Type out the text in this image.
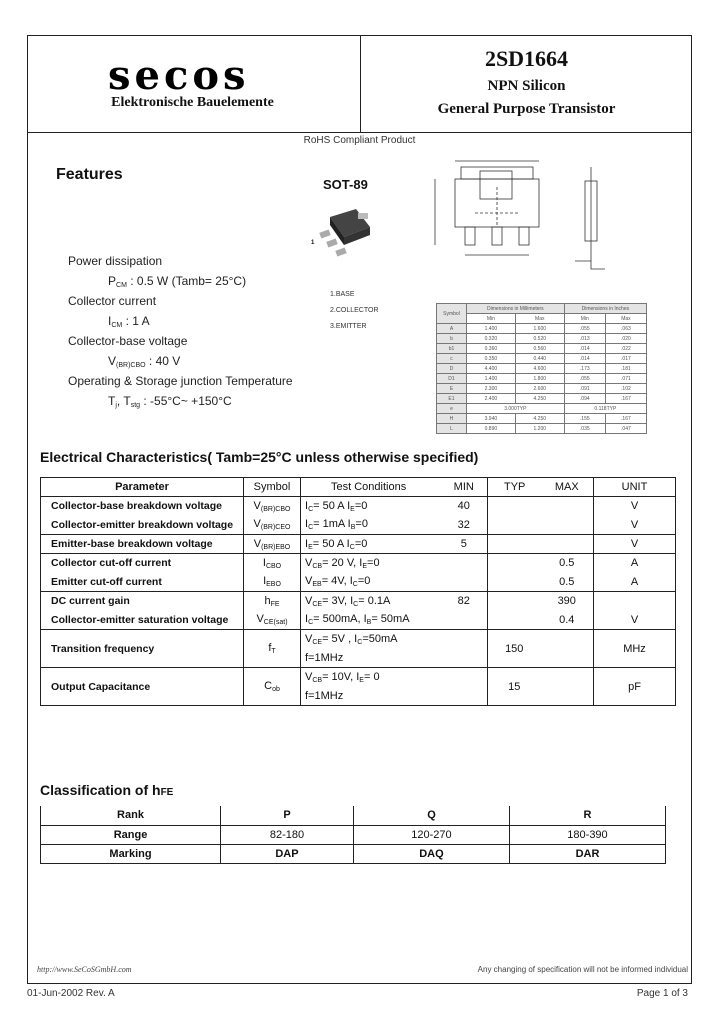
secos
Elektronische Bauelemente
2SD1664
NPN Silicon
General Purpose Transistor
RoHS Compliant Product
Features
SOT-89
1
Power dissipation
$P_{CM}$ : 0.5 W (Tamb= 25°C)
Collector current
$I_{CM}$ : 1 A
Collector-base voltage
$V_{(BR)CBO}$ : 40 V
Operating & Storage junction Temperature
$T_j$, $T_{stg}$ : -55°C~ +150°C
1.BASE
2.COLLECTOR
3.EMITTER
Symbol	Dimensions in Millimeters		Dimensions in Inches	
	Min	Max	Min	Max
A	1.400	1.600	.055	.063
b	0.320	0.520	.013	.020
b1	0.360	0.560	.014	.022
c	0.350	0.440	.014	.017
D	4.400	4.600	.173	.181
D1	1.400	1.800	.055	.071
E	2.300	2.600	.091	.102
E1	2.400	4.250	.094	.167
e	3.000TYP		0.118TYP	
H	3.940	4.250	.155	.167
L	0.890	1.200	.035	.047
Electrical Characteristics( Tamb=25°C unless otherwise specified)
Parameter	Symbol	Test Conditions	MIN	TYP	MAX	UNIT
Collector-base breakdown voltage	$V_{(BR)CBO}$	$I_C= 50$ A $I_E=0$	40			V
Collector-emitter breakdown voltage	$V_{(BR)CEO}$	$I_C= 1mA$ $I_B=0$	32			V
Emitter-base breakdown voltage	$V_{(BR)EBO}$	$I_E= 50$ A $I_C=0$	5			V
Collector cut-off current	$I_{CBO}$	$V_{CB}= 20$ V, $I_E=0$			0.5	A
Emitter cut-off current	$I_{EBO}$	$V_{EB}= 4V$, $I_C=0$			0.5	A
DC current gain	$h_{FE}$	$V_{CE}= 3V$, $I_C= 0.1A$	82		390	
Collector-emitter saturation voltage	$V_{CE(sat)}$	$I_C= 500mA$, $I_B= 50mA$			0.4	V
Transition frequency	$f_T$	$V_{CE}= 5V$ , $I_C=50mA$		150		MHz
		f=1MHz				
Output Capacitance	$C_{ob}$	$V_{CB}= 10V$, $I_E= 0$		15		pF
		f=1MHz				

Classification of hFE
Rank	P	Q	R
Range	82-180	120-270	180-390
Marking	DAP	DAQ	DAR
http://www.SeCoSGmbH.com	Any changing of specification will not be informed individual
01-Jun-2002 Rev. A	Page 1 of 3
